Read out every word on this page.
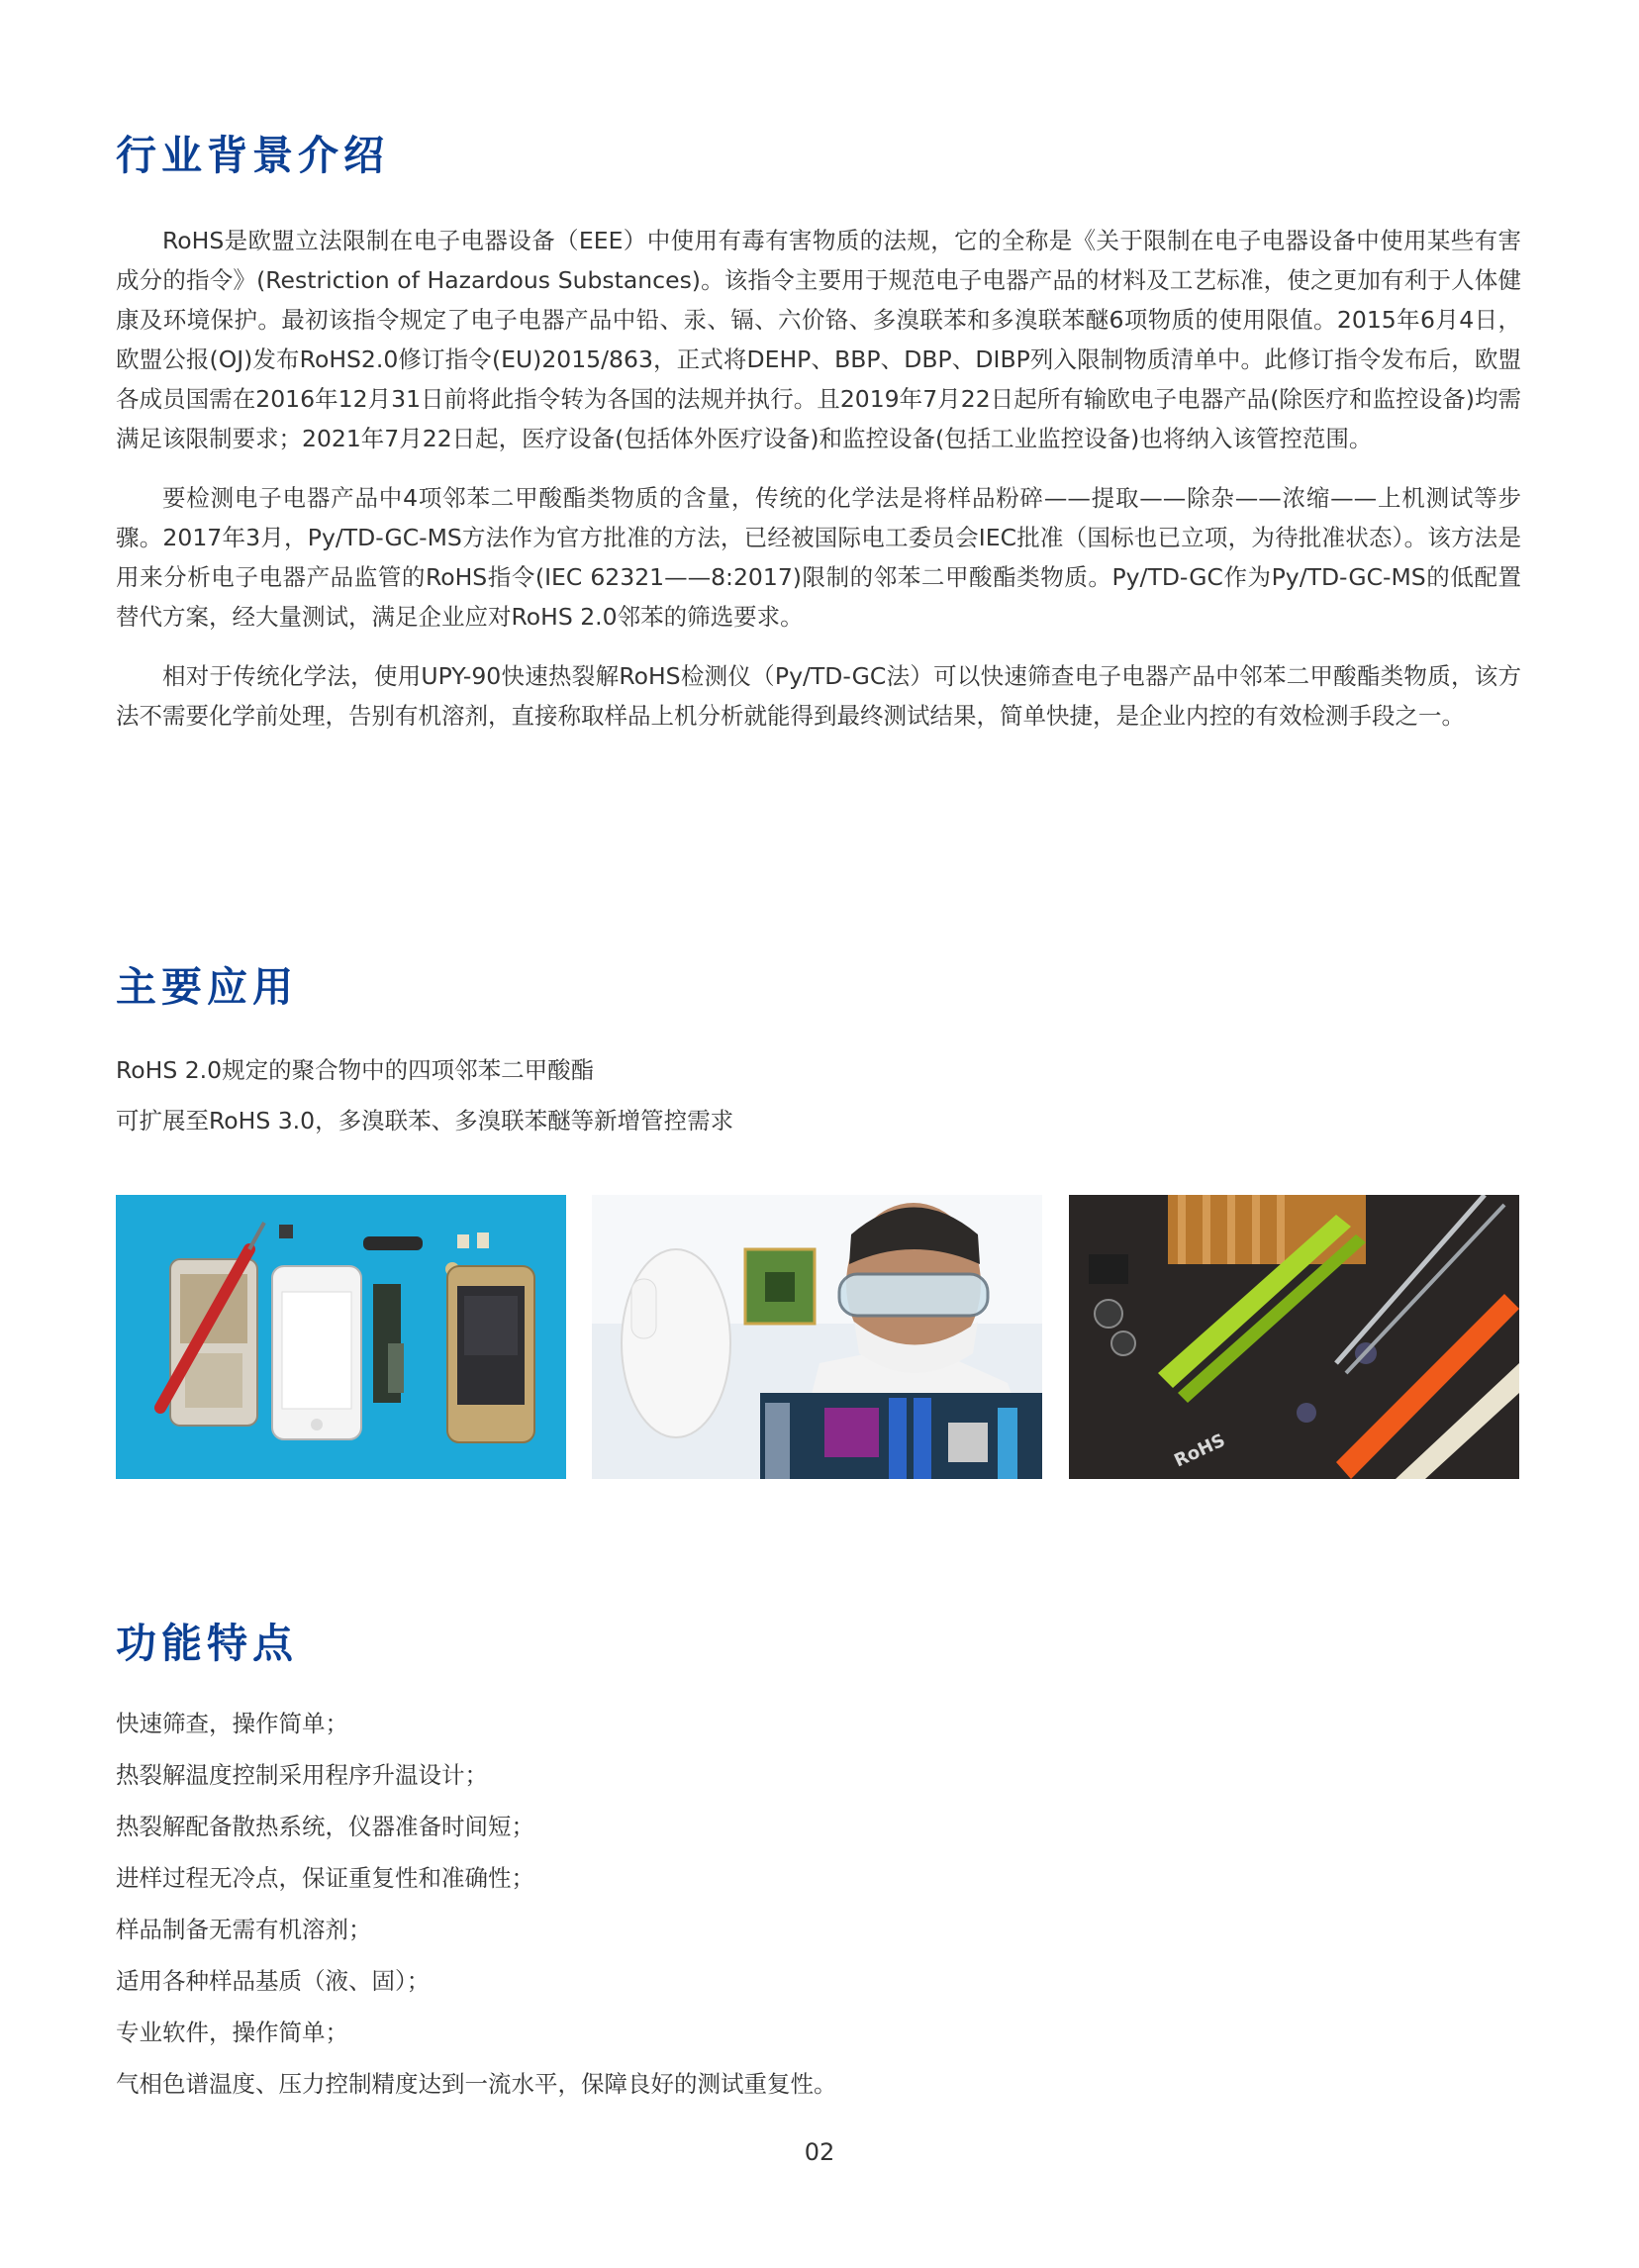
行业背景介绍

RoHS是欧盟立法限制在电子电器设备（EEE）中使用有毒有害物质的法规，它的全称是《关于限制在电子电器设备中使用某些有害成分的指令》(Restriction of Hazardous Substances)。该指令主要用于规范电子电器产品的材料及工艺标准，使之更加有利于人体健康及环境保护。最初该指令规定了电子电器产品中铅、汞、镉、六价铬、多溴联苯和多溴联苯醚6项物质的使用限值。2015年6月4日，欧盟公报(OJ)发布RoHS2.0修订指令(EU)2015/863，正式将DEHP、BBP、DBP、DIBP列入限制物质清单中。此修订指令发布后，欧盟各成员国需在2016年12月31日前将此指令转为各国的法规并执行。且2019年7月22日起所有输欧电子电器产品(除医疗和监控设备)均需满足该限制要求；2021年7月22日起，医疗设备(包括体外医疗设备)和监控设备(包括工业监控设备)也将纳入该管控范围。

要检测电子电器产品中4项邻苯二甲酸酯类物质的含量，传统的化学法是将样品粉碎——提取——除杂——浓缩——上机测试等步骤。2017年3月，Py/TD-GC-MS方法作为官方批准的方法，已经被国际电工委员会IEC批准（国标也已立项，为待批准状态）。该方法是用来分析电子电器产品监管的RoHS指令(IEC 62321——8:2017)限制的邻苯二甲酸酯类物质。Py/TD-GC作为Py/TD-GC-MS的低配置替代方案，经大量测试，满足企业应对RoHS 2.0邻苯的筛选要求。

相对于传统化学法，使用UPY-90快速热裂解RoHS检测仪（Py/TD-GC法）可以快速筛查电子电器产品中邻苯二甲酸酯类物质，该方法不需要化学前处理，告别有机溶剂，直接称取样品上机分析就能得到最终测试结果，简单快捷，是企业内控的有效检测手段之一。

主要应用

RoHS 2.0规定的聚合物中的四项邻苯二甲酸酯

可扩展至RoHS 3.0，多溴联苯、多溴联苯醚等新增管控需求

RoHS
功能特点

快速筛查，操作简单；

热裂解温度控制采用程序升温设计；

热裂解配备散热系统，仪器准备时间短；

进样过程无冷点，保证重复性和准确性；

样品制备无需有机溶剂；

适用各种样品基质（液、固）；

专业软件，操作简单；

气相色谱温度、压力控制精度达到一流水平，保障良好的测试重复性。

02
